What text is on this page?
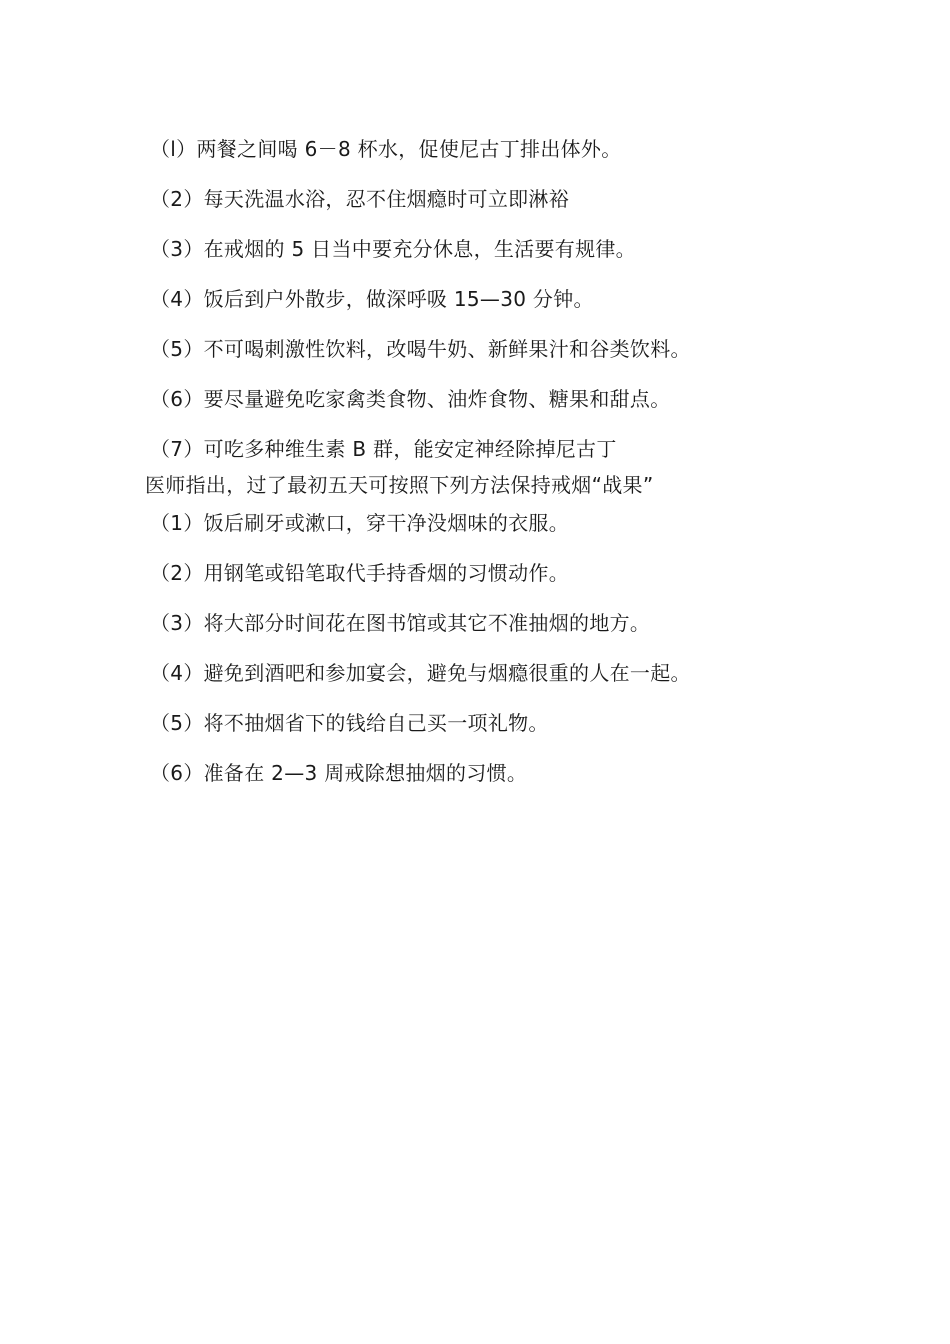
（l）两餐之间喝 6－8 杯水，促使尼古丁排出体外。
（2）每天洗温水浴，忍不住烟瘾时可立即淋裕
（3）在戒烟的 5 日当中要充分休息，生活要有规律。
（4）饭后到户外散步，做深呼吸 15—30 分钟。
（5）不可喝刺激性饮料，改喝牛奶、新鲜果汁和谷类饮料。
（6）要尽量避免吃家禽类食物、油炸食物、糖果和甜点。
（7）可吃多种维生素 B 群，能安定神经除掉尼古丁
医师指出，过了最初五天可按照下列方法保持戒烟“战果”
（1）饭后刷牙或漱口，穿干净没烟味的衣服。
（2）用钢笔或铅笔取代手持香烟的习惯动作。
（3）将大部分时间花在图书馆或其它不准抽烟的地方。
（4）避免到酒吧和参加宴会，避免与烟瘾很重的人在一起。
（5）将不抽烟省下的钱给自己买一项礼物。
（6）准备在 2—3 周戒除想抽烟的习惯。
